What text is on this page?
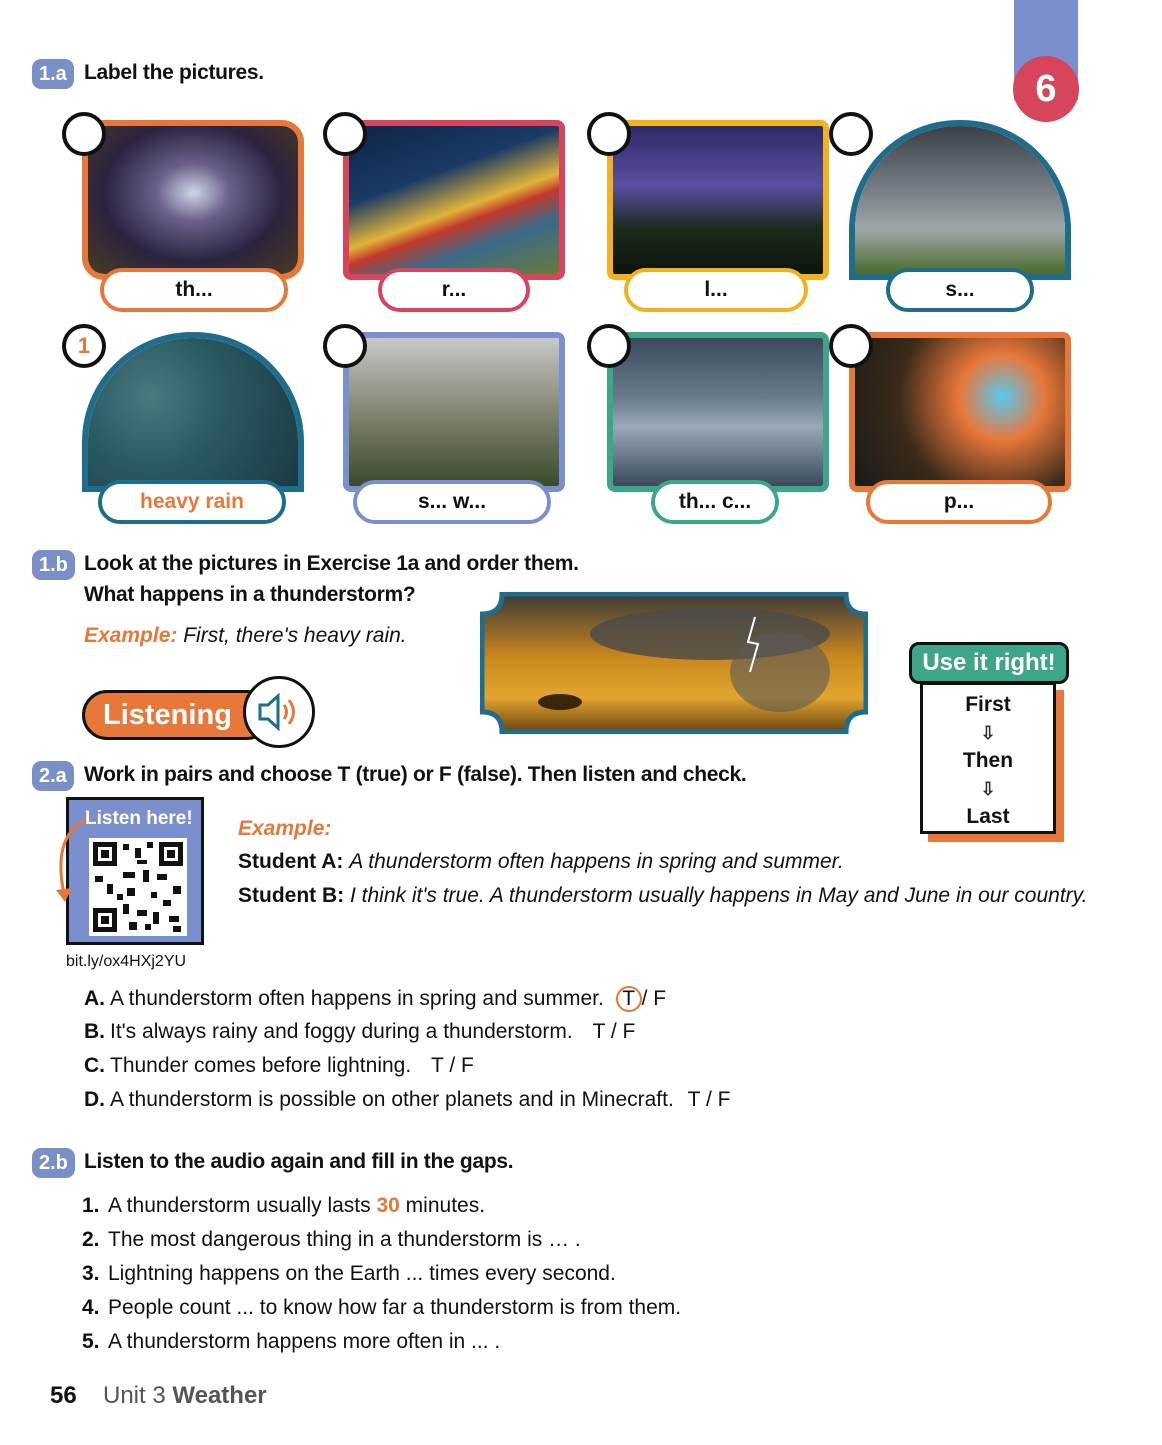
6
1.a Label the pictures.
th...	r...	l...	s...
1
heavy rain	s... w...	th... c...	p...
1.b Look at the pictures in Exercise 1a and order them.
What happens in a thunderstorm?
Example: First, there's heavy rain.
Listening
Use it right!
First
⇩
Then
⇩
Last
2.a Work in pairs and choose T (true) or F (false). Then listen and check.
Listen here!
bit.ly/ox4HXj2YU
Example:
Student A: A thunderstorm often happens in spring and summer.
Student B: I think it's true. A thunderstorm usually happens in May and June in our country.
A. A thunderstorm often happens in spring and summer. T / F
B. It's always rainy and foggy during a thunderstorm. T / F
C. Thunder comes before lightning. T / F
D. A thunderstorm is possible on other planets and in Minecraft. T / F
2.b Listen to the audio again and fill in the gaps.
1. A thunderstorm usually lasts 30 minutes.
2. The most dangerous thing in a thunderstorm is … .
3. Lightning happens on the Earth ... times every second.
4. People count ... to know how far a thunderstorm is from them.
5. A thunderstorm happens more often in ... .
56 Unit 3 Weather
